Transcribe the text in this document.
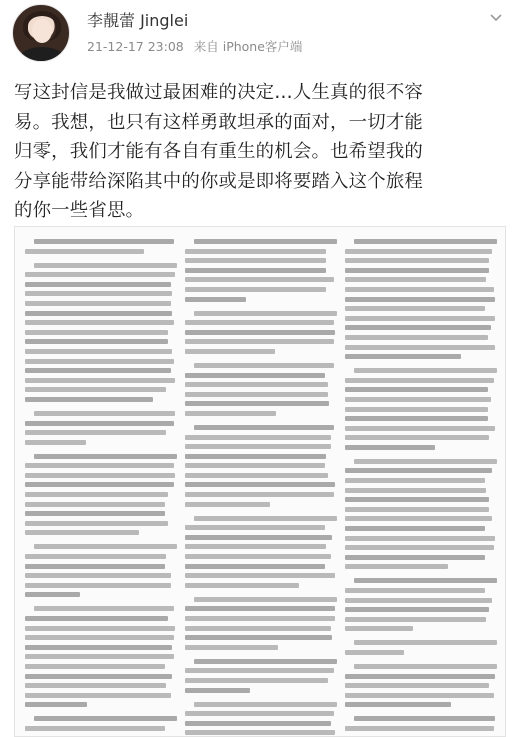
李靚蕾 Jinglei
21-12-17 23:08 来自 iPhone客户端
写这封信是我做过最困难的决定…人生真的很不容
易。我想，也只有这样勇敢坦承的面对，一切才能
归零，我们才能有各自有重生的机会。也希望我的
分享能带给深陷其中的你或是即将要踏入这个旅程
的你一些省思。
